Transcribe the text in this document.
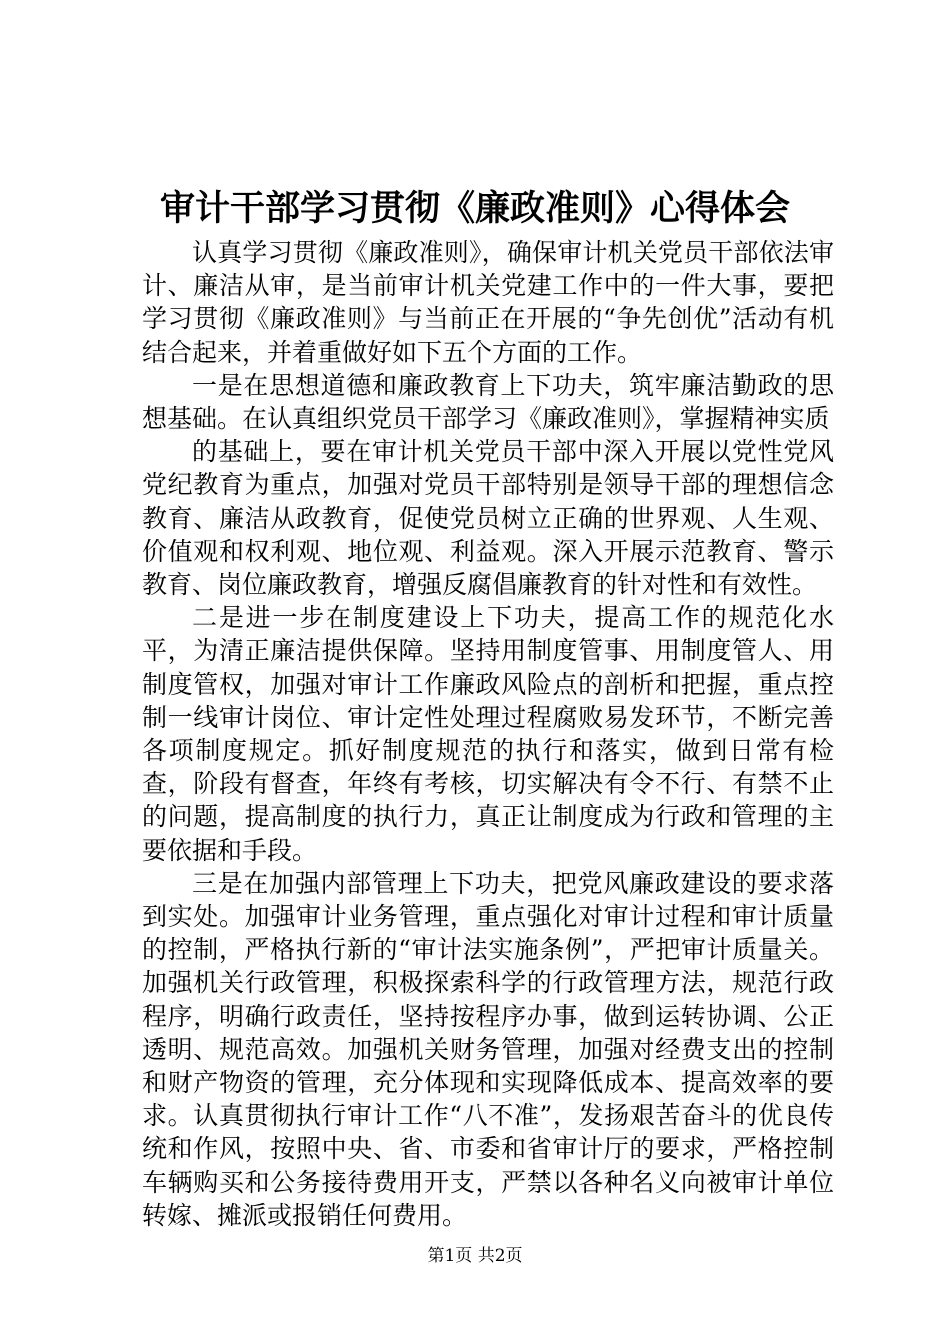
审计干部学习贯彻《廉政准则》心得体会

认真学习贯彻《廉政准则》，确保审计机关党员干部依法审计、廉洁从审，是当前审计机关党建工作中的一件大事，要把学习贯彻《廉政准则》与当前正在开展的“争先创优”活动有机结合起来，并着重做好如下五个方面的工作。

一是在思想道德和廉政教育上下功夫，筑牢廉洁勤政的思想基础。在认真组织党员干部学习《廉政准则》，掌握精神实质

的基础上，要在审计机关党员干部中深入开展以党性党风党纪教育为重点，加强对党员干部特别是领导干部的理想信念教育、廉洁从政教育，促使党员树立正确的世界观、人生观、价值观和权利观、地位观、利益观。深入开展示范教育、警示教育、岗位廉政教育，增强反腐倡廉教育的针对性和有效性。

二是进一步在制度建设上下功夫，提高工作的规范化水平，为清正廉洁提供保障。坚持用制度管事、用制度管人、用制度管权，加强对审计工作廉政风险点的剖析和把握，重点控制一线审计岗位、审计定性处理过程腐败易发环节，不断完善各项制度规定。抓好制度规范的执行和落实，做到日常有检查，阶段有督查，年终有考核，切实解决有令不行、有禁不止的问题，提高制度的执行力，真正让制度成为行政和管理的主要依据和手段。

三是在加强内部管理上下功夫，把党风廉政建设的要求落到实处。加强审计业务管理，重点强化对审计过程和审计质量的控制，严格执行新的“审计法实施条例”，严把审计质量关。加强机关行政管理，积极探索科学的行政管理方法，规范行政程序，明确行政责任，坚持按程序办事，做到运转协调、公正透明、规范高效。加强机关财务管理，加强对经费支出的控制和财产物资的管理，充分体现和实现降低成本、提高效率的要求。认真贯彻执行审计工作“八不准”，发扬艰苦奋斗的优良传统和作风，按照中央、省、市委和省审计厅的要求，严格控制车辆购买和公务接待费用开支，严禁以各种名义向被审计单位转嫁、摊派或报销任何费用。

第1页 共2页
